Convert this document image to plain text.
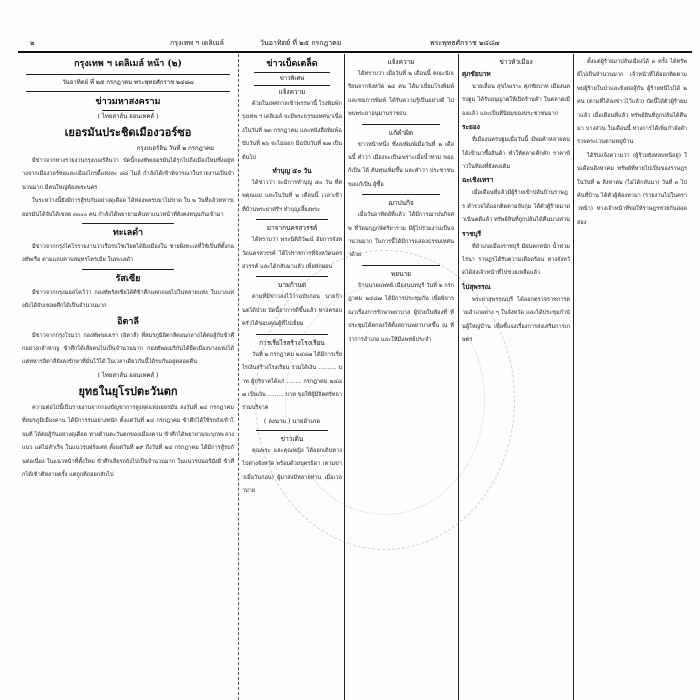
๒	กรุงเทพ ฯ เดลิเมล์	วันอาทิตย์ ที่ ๒๕ กรกฎาคม	พระพุทธศักราช ๒๔๘๗
กรุงเทพ ฯ เดลิเมล์ หน้า (๒)
วันอาทิตย์ ที่ ๒๕ กรกฎาคม พระพุทธศักราช ๒๔๘๗
ข่าวมหาสงคราม
( ไทยสาส์น ออนเทคส์ )
เยอรมันประชิดเมืองวอร์ซอ
กรุงเบอร์ลิน วันที่ ๒ กรกฎาคม
มีข่าวจากทางรายงานกรุงเบอร์ลินว่า บัดนี้กองทัพเยอรมันได้รุกไปถึงเมืองใหม่ซึ่งอยู่ห่างจากเมืองวอร์ซอและเมืองไกรดี้แห่งละ ๘๘ ไมล์ กำลังได้เข้าพิจารณาในรายงานเป็นจำนวนมาก มีคนใหญ่ต้องพระนคร
ในระหว่างนี้ยังมีการสู้รบกันอย่างดุเดือด ได้ทองพลรบมาไม่ขาด ใน ๒ วันที่แล้วทหารเยอรมันได้จับได้เชลย ๓๐๐๐ คน กำลังได้พยายามค้นหาแนวหน้าที่ยังคงหนุนกันเข้ามา
ทะเลดำ
มีข่าวจากกรุงไคโรรายงานว่าเรือรบโซเวียตได้ยิงเมืองใน ชายฝั่งทะเลที่ใช้เป็นที่ตั้งกองทัพเรือ ตามแถบคาบสมุทรไครเมีย ในทะเลดำ
รัสเซีย
มีข่าวจากกรุงมอสโคว์ว่า กองทัพรัสเซียได้ตีข้าศึกแตกถอยไปในหลายแห่ง ในบางแห่งยังได้จับเชลยศึกได้เป็นจำนวนมาก
อิตาลี
มีข่าวจากกรุงโรมว่า กองทัพของเรา (อิตาลี) ที่สมรภูมิอิตาลีตอนกลางได้ต่อสู้กับข้าศึกอย่างกล้าหาญ ข้าศึกได้เสียคนไปเป็นจำนวนมาก กองทัพอเมริกันได้ยึดเมืองบางแห่งได้ แต่ทหารอิตาลียังคงรักษาที่มั่นไว้ได้ ในเวลาเดียวกันนี้ได้รบกันอยู่ตลอดคืน
( ไทยสาส์น ออนเทคส์ )
ยุทธในยุโรปตะวันตก
ความต่อไปนี้เป็นรายงานจากกองบัญชาการสูงสุดแห่งเยอรมัน ลงวันที่ ๒๔ กรกฎาคม ที่สมรภูมิเมืองคาน ได้มีการรบอย่างหนัก ตั้งแต่วันที่ ๑๘ กรกฎาคม ข้าศึกได้ใช้รถถังเข้าโจมตี ได้ต่อสู้กันอย่างดุเดือด ทางด้านตะวันตกของเมืองคาน ข้าศึกได้พยายามจะบุกทะลวงแนว แต่ไม่สำเร็จ ในแนวรบฝรั่งเศส ตั้งแต่วันที่ ๑๙ ถึงวันที่ ๒๔ กรกฎาคม ได้มีการสู้รบกันต่อเนื่อง ในแนวหน้าที่ตั้งใหม่ ข้าศึกเสียรถถังไปเป็นจำนวนมาก ในแนวรบนอร์มังดี ข้าศึกได้เข้าตีหลายครั้ง แต่ถูกตีถอยกลับไป
ข่าวเบ็ดเตล็ด
ข่าวพิเศษ
แจ้งความ
ด้วยในเทศกาลเข้าพรรษานี้ โรงพิมพ์กรุงเทพ ฯ เดลิเมล์ จะมีพระธรรมเทศนาเนื่องในวันที่ ๒๓ กรกฎาคม และหนังสือพิมพ์ฉบับวันที่ ๒๖ จะไม่ออก มีฉบับวันที่ ๒๗ เป็นต้นไป
ทำบุญ ๕๐ วัน
ได้ข่าวว่า จะมีการทำบุญ ๕๐ วัน ที่ศพคุณแม่ และในวันที่ ๒ เดือนนี้ เวลาเช้า ที่บ้านพระยาศรีฯ ทำบุญเลี้ยงพระ
มาจากนครสวรรค์
ได้ทราบว่า พระนิติภิวัฒน์ อัยการจังหวัดนครสวรรค์ ได้ไปราชการที่จังหวัดนครสวรรค์ และได้กลับมาแล้ว เพื่อพักผ่อน
นายก้านต
ตามที่มีข่าวลงไว้ว่าฉบับก่อน นายก้านตได้ป่วย บัดนี้อาการดีขึ้นแล้ว ทางครอบครัวได้ขอบคุณผู้ที่ไปเยี่ยม
การเรี่ยไรสร้างโรงเรียน
วันที่ ๒ กรกฎาคม ๒๔๘๗ ได้มีการเรี่ยไรเงินสร้างโรงเรียน รวมได้เงิน .......... บาท ผู้บริจาคได้แก่ ........ กรกฎาคม ๒๔๘๗ เป็นเงิน ......... บาท ขอให้ผู้มีจิตศรัทธาร่วมบริจาค
( ลงนาม ) นายอำเภอ
ข่าวเดิน
คุณพระ และคุณหญิง ได้ออกเดินทางไปต่างจังหวัด พร้อมด้วยบุตรธิดา (ตามข่าวเมื่อวันก่อน) ผู้มาส่งมีหลายท่าน เมื่อเวลาบ่าย
แจ้งความ
ได้ทราบว่า เมื่อวันที่ ๒ เดือนนี้ คณะนักเรียนจากจังหวัด ๒๔ คน ได้มาเยี่ยมโรงพิมพ์ และชมการพิมพ์ ได้รับความรู้เป็นอย่างดี ไปพบพระยาอนุมานราชธน
แก้คำผิด
ข่าวหน้าหนึ่ง ซึ่งลงพิมพ์เมื่อวันที่ ๒ เดือนนี้ คำว่า เมืองจะเป็นเพราะเมื่อน้ำท่วม ขอแก้เป็น ได้ ต้นทุนเพิ่มขึ้น และคำว่า ประชาชน ขอแก้เป็น ผู้ซื้อ
ฌาปนกิจ
เมื่อวันอาทิตย์ที่แล้ว ได้มีการฌาปนกิจศพ ที่วัดมกุฎกษัตริยาราม มีผู้ไปร่วมงานเป็นจำนวนมาก ในการนี้ได้มีการแสดงธรรมเทศนาด้วย
พยนาย
บ้านนายแพทย์ เมืองนนทบุรี วันที่ ๒ กรกฎาคม ๒๔๘๗ ได้มีการประชุมกัน เพื่อพิจารณาเรื่องการรักษาพยาบาล ผู้ป่วยในท้องที่ ที่ประชุมได้ตกลงให้ตั้งสถานพยาบาลขึ้น ณ ที่ว่าการอำเภอ และให้มีแพทย์ประจำ
ข่าวหัวเมือง
ศุภชัยบาท
นายเลื่อน สุขไพเราะ ศุภชัยบาท เมืองนครปฐม ได้รับอนุญาตให้เปิดร้านค้า ในตลาดเมืองแล้ว และเป็นที่นิยมของประชาชนมาก
ระยอง
ที่เมืองนครปฐมเมื่อวันนี้ มีพ่อค้าหลายคน ได้เข้ามาซื้อสินค้า ทำให้ตลาดคึกคัก ราคาข้าวในท้องที่ยังคงเดิม
ฉะเชิงเทรา
เมื่อเดือนที่แล้วมีผู้ร้ายเข้าปล้นบ้านราษฎร ตำรวจได้ออกติดตามจับกุม ได้ตัวผู้ร้ายมาดำเนินคดีแล้ว ทรัพย์สินที่ถูกปล้นได้คืนบางส่วน
ราชบุรี
ที่อำเภอเมืองราชบุรี มีฝนตกหนัก น้ำท่วมไร่นา ราษฎรได้รับความเดือดร้อน ทางจังหวัดได้ส่งเจ้าหน้าที่ไปช่วยเหลือแล้ว
ไปสุพรรณ
พระยาสุพรรณบุรี ได้ออกตรวจราชการตามอำเภอต่าง ๆ ในจังหวัด และได้ประชุมกำนันผู้ใหญ่บ้าน เพื่อชี้แจงเรื่องการส่งเสริมการเกษตร
ตั้งแต่ผู้ร้ายมาปล้นเมืองได้ ๓ ครั้ง ได้ทรัพย์ไปเป็นจำนวนมาก เจ้าหน้าที่ได้ออกติดตาม พบผู้ร้ายในป่าและยิงต่อสู้กัน ผู้ร้ายหนีไปได้ ๒ คน (ตามที่ได้ลงข่าวไว้แล้ว) บัดนี้ได้ตัวผู้ร้ายมาแล้ว เมื่อเดือนที่แล้ว ทรัพย์สินที่ถูกปล้นได้คืนมา บางส่วน ในเดือนนี้ ทางการได้เพิ่มกำลังตำรวจตระเวนตามหมู่บ้าน
ได้รับแจ้งความว่า (ผู้ร้ายยังหลบหนีอยู่) ในเดือนสิงหาคม ทรัพย์ที่หายไปเป็นของราษฎร ในวันที่ ๒ สิงหาคม (ไม่ได้กลับมา) วันที่ ๓ ไปค้นที่บ้าน ได้ตัวผู้ต้องหามา (รายงานไปในคราวหน้า) ทางเจ้าหน้าที่ขอให้ราษฎรช่วยกันสอดส่อง
